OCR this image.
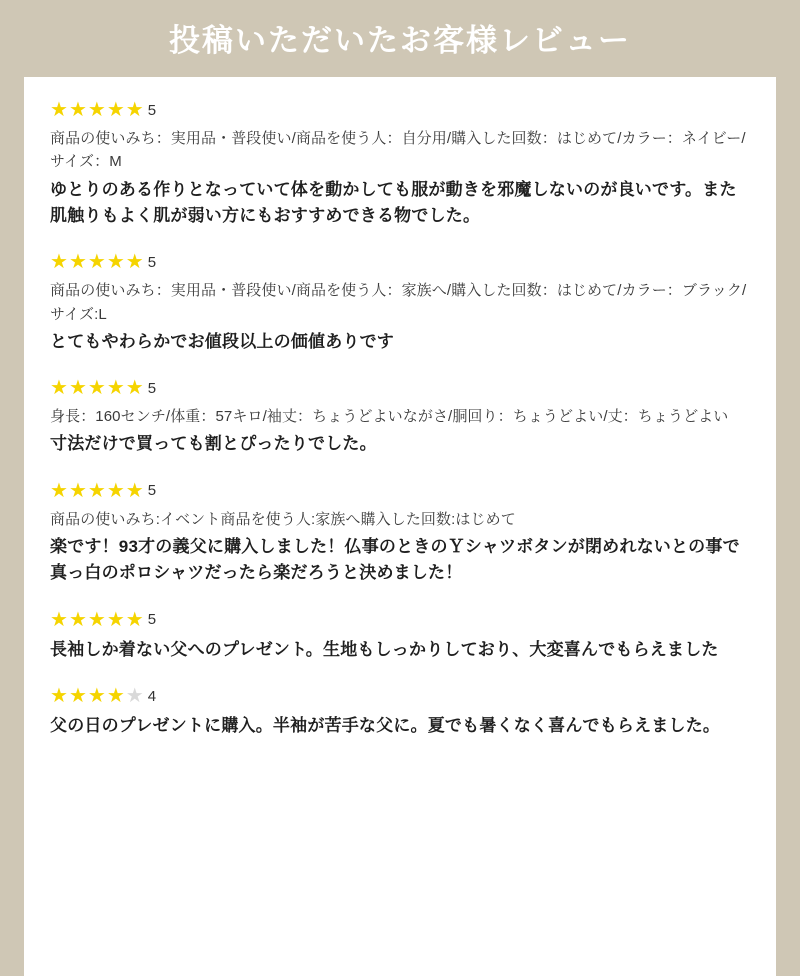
投稿いただいたお客様レビュー
★ ★ ★ ★ ★ 5
商品の使いみち：実用品・普段使い/商品を使う人：自分用/購入した回数：はじめて/カラー：ネイビー/ サイズ：M
ゆとりのある作りとなっていて体を動かしても服が動きを邪魔しないのが良いです。また肌触りもよく肌が弱い方にもおすすめできる物でした。
★ ★ ★ ★ ★ 5
商品の使いみち：実用品・普段使い/商品を使う人：家族へ/購入した回数：はじめて/カラー：ブラック/サイズ:L
とてもやわらかでお値段以上の価値ありです
★ ★ ★ ★ ★ 5
身長：160センチ/体重：57キロ/袖丈：ちょうどよいながさ/胴回り：ちょうどよい/丈：ちょうどよい
寸法だけで買っても割とぴったりでした。
★ ★ ★ ★ ★ 5
商品の使いみち:イベント商品を使う人:家族へ購入した回数:はじめて
楽です！93才の義父に購入しました！仏事のときのＹシャツボタンが閉めれないとの事で真っ白のポロシャツだったら楽だろうと決めました！
★ ★ ★ ★ ★ 5
長袖しか着ない父へのプレゼント。生地もしっかりしており、大変喜んでもらえました
★ ★ ★ ★ ★ 4
父の日のプレゼントに購入。半袖が苦手な父に。夏でも暑くなく喜んでもらえました。
